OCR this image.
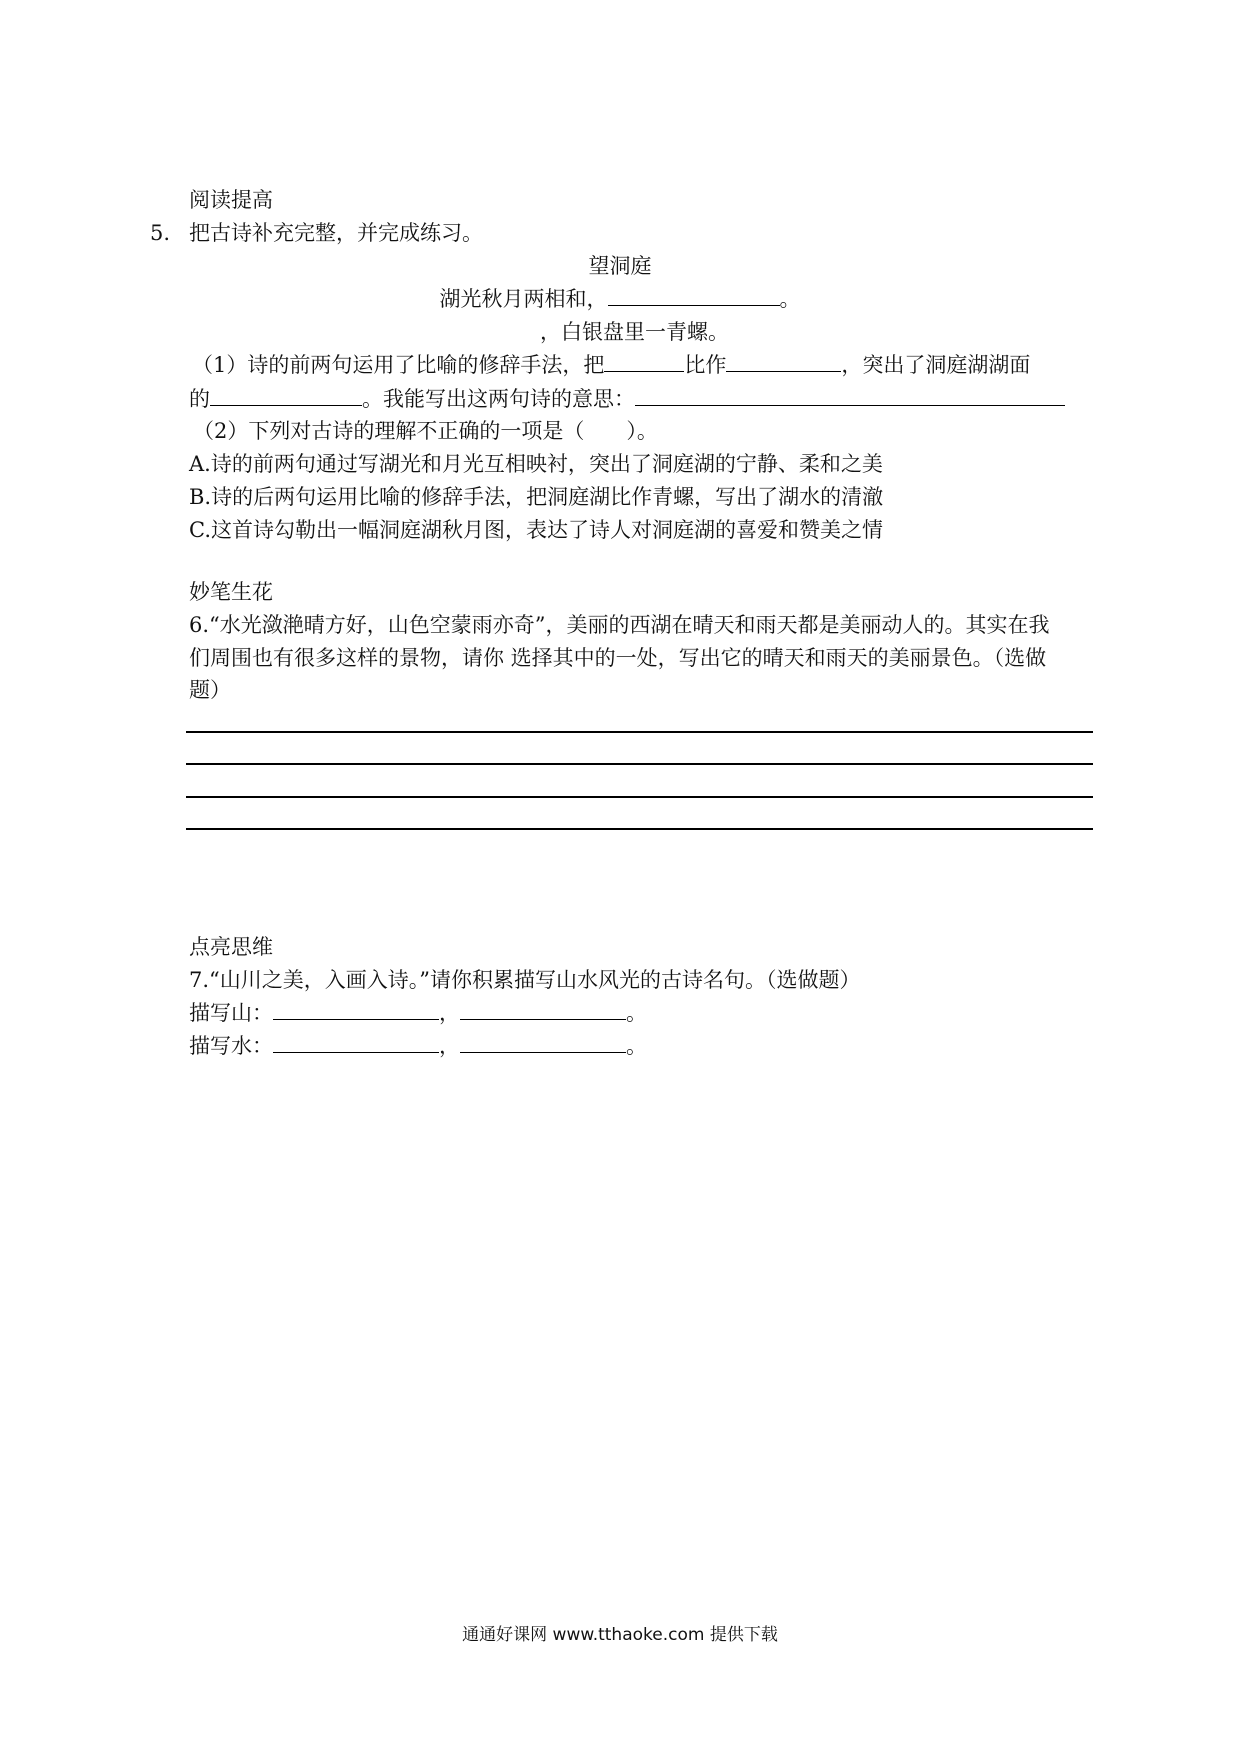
阅读提高

5. 把古诗补充完整，并完成练习。

望洞庭

湖光秋月两相和，	。

，白银盘里一青螺。

（1）诗的前两句运用了比喻的修辞手法，把	比作	，突出了洞庭湖湖面

的	。我能写出这两句诗的意思：

（2）下列对古诗的理解不正确的一项是（　　）。

A.诗的前两句通过写湖光和月光互相映衬，突出了洞庭湖的宁静、柔和之美

B.诗的后两句运用比喻的修辞手法，把洞庭湖比作青螺，写出了湖水的清澈

C.这首诗勾勒出一幅洞庭湖秋月图，表达了诗人对洞庭湖的喜爱和赞美之情

妙笔生花

6.“水光潋滟晴方好，山色空蒙雨亦奇”，美丽的西湖在晴天和雨天都是美丽动人的。其实在我

们周围也有很多这样的景物，请你 选择其中的一处，写出它的晴天和雨天的美丽景色。（选做

题）

点亮思维

7.“山川之美，入画入诗。”请你积累描写山水风光的古诗名句。（选做题）

描写山：	，	。

描写水：	，	。

通通好课网 www.tthaoke.com 提供下载
